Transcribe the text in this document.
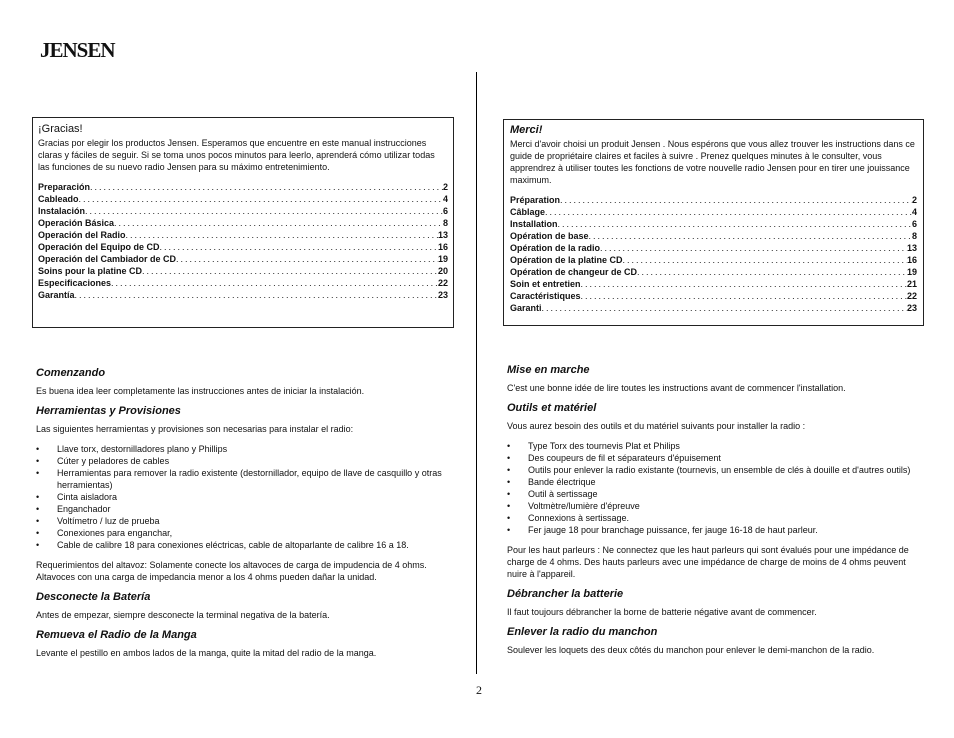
JENSEN
¡Gracias!
Gracias por elegir los productos Jensen. Esperamos que encuentre en este manual instrucciones claras y fáciles de seguir. Si se toma unos pocos minutos para leerlo, aprenderá cómo utilizar todas las funciones de su nuevo radio Jensen para su máximo entretenimiento.
Preparación .....	2
Cableado .....	4
Instalación .....	6
Operación Básica .....	8
Operación del Radio .....	13
Operación del Equipo de CD .....	16
Operación del Cambiador de CD .....	19
Soins pour la platine CD .....	20
Especificaciones .....	22
Garantía .....	23
Merci!
Merci d'avoir choisi un produit Jensen . Nous espérons que vous allez trouver les instructions dans ce guide de propriétaire claires et faciles à suivre . Prenez quelques minutes à le consulter, vous apprendrez à utiliser toutes les fonctions de votre nouvelle radio Jensen pour en tirer une jouissance maximum.
Préparation .....	2
Câblage .....	4
Installation .....	6
Opération de base .....	8
Opération de la radio .....	13
Opération de la platine CD .....	16
Opération de changeur de CD .....	19
Soin et entretien .....	21
Caractéristiques .....	22
Garanti .....	23
Comenzando
Es buena idea leer completamente las instrucciones antes de iniciar la instalación.
Herramientas y Provisiones
Las siguientes herramientas y provisiones son necesarias para instalar el radio:
• Llave torx, destornilladores plano y Phillips
• Cúter y peladores de cables
• Herramientas para remover la radio existente (destornillador, equipo de llave de casquillo y otras herramientas)
• Cinta aisladora
• Enganchador
• Voltímetro / luz de prueba
• Conexiones para enganchar,
• Cable de calibre 18 para conexiones eléctricas, cable de altoparlante de calibre 16 a 18.
Requerimientos del altavoz: Solamente conecte los altavoces de carga de impudencia de 4 ohms. Altavoces con una carga de impedancia menor a los 4 ohms pueden dañar la unidad.
Desconecte la Batería
Antes de empezar, siempre desconecte la terminal negativa de la batería.
Remueva el Radio de la Manga
Levante el pestillo en ambos lados de la manga, quite la mitad del radio de la manga.
Mise en marche
C'est une bonne idée de lire toutes les instructions avant de commencer l'installation.
Outils et matériel
Vous aurez besoin des outils et du matériel suivants pour installer la radio :
• Type Torx des tournevis Plat et Philips
• Des coupeurs de fil et séparateurs d'épuisement
• Outils pour enlever la radio existante (tournevis, un ensemble de clés à douille et d'autres outils)
• Bande électrique
• Outil à sertissage
• Voltmètre/lumière d'épreuve
• Connexions à sertissage.
• Fer jauge 18 pour branchage puissance, fer jauge 16-18 de haut parleur.
Pour les haut parleurs : Ne connectez que les haut parleurs qui sont évalués pour une impédance de charge de 4 ohms. Des hauts parleurs avec une impédance de charge de moins de 4 ohms peuvent nuire à l'appareil.
Débrancher la batterie
Il faut toujours débrancher la borne de batterie négative avant de commencer.
Enlever la radio du manchon
Soulever les loquets des deux côtés du manchon pour enlever le demi-manchon de la radio.
2
